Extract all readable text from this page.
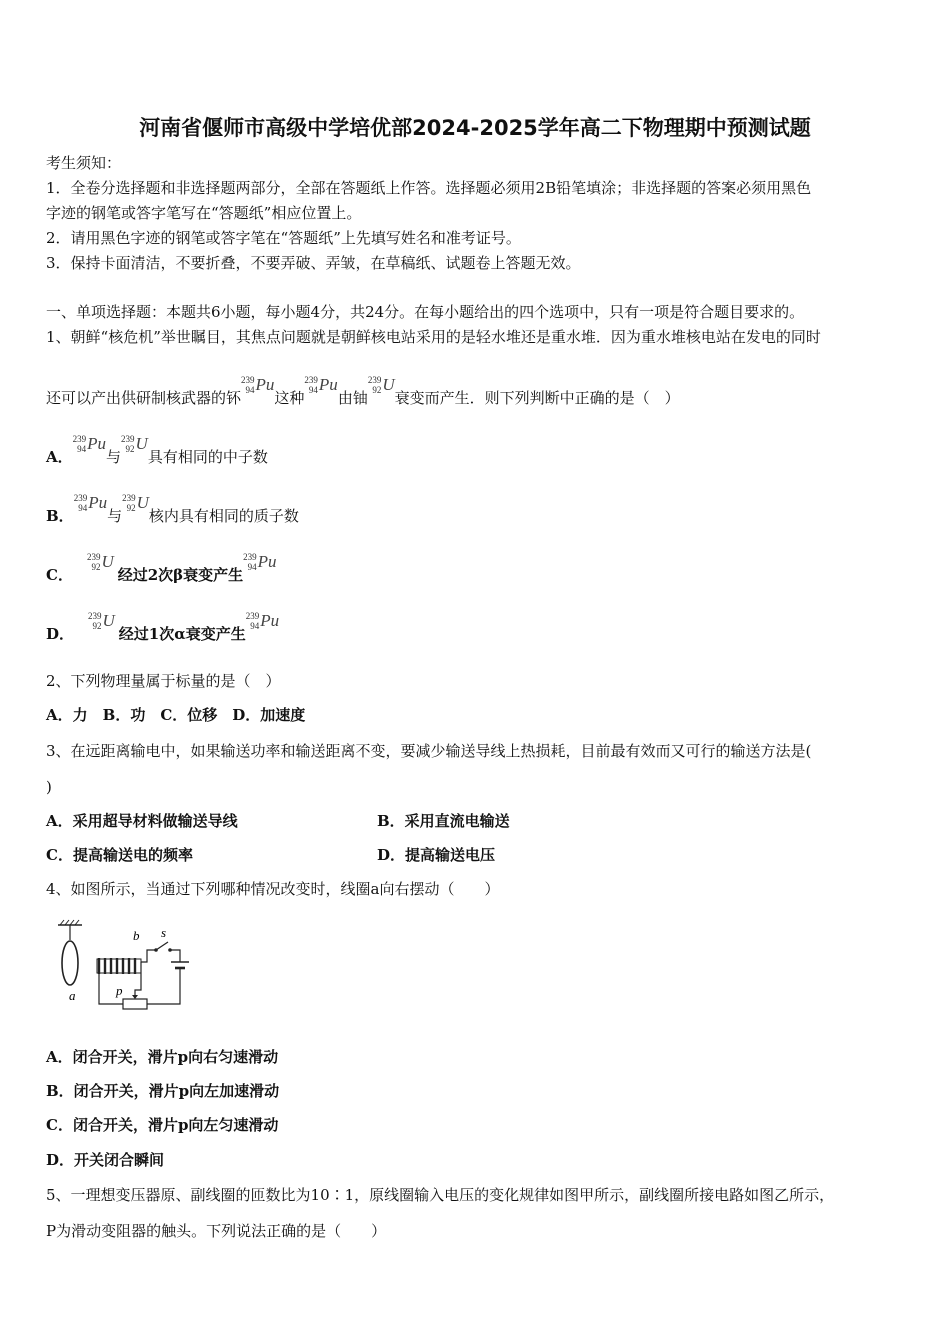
河南省偃师市高级中学培优部2024-2025学年高二下物理期中预测试题
考生须知：
1．全卷分选择题和非选择题两部分，全部在答题纸上作答。选择题必须用2B铅笔填涂；非选择题的答案必须用黑色
字迹的钢笔或答字笔写在“答题纸”相应位置上。
2．请用黑色字迹的钢笔或答字笔在“答题纸”上先填写姓名和准考证号。
3．保持卡面清洁，不要折叠，不要弄破、弄皱，在草稿纸、试题卷上答题无效。
一、单项选择题：本题共6小题，每小题4分，共24分。在每小题给出的四个选项中，只有一项是符合题目要求的。
1、朝鲜“核危机”举世瞩目，其焦点问题就是朝鲜核电站采用的是轻水堆还是重水堆．因为重水堆核电站在发电的同时
还可以产出供研制核武器的钚
239
94 Pu这种
239
94 Pu由铀
239
92 U衰变而产生．则下列判断中正确的是（　）
A．
239
94 Pu与
239
92 U具有相同的中子数
B．
239
94 Pu与
239
92 U核内具有相同的质子数
C．
239
92 U经过2次β衰变产生
239
94 Pu
D．
239
92 U经过1次α衰变产生
239
94 Pu
2、下列物理量属于标量的是（　）
A．力　B．功　C．位移　D．加速度
3、在远距离输电中，如果输送功率和输送距离不变，要减少输送导线上热损耗，目前最有效而又可行的输送方法是(
)
A．采用超导材料做输送导线	B．采用直流电输送
C．提高输送电的频率	D．提高输送电压
4、如图所示，当通过下列哪种情况改变时，线圈a向右摆动（　　）
a
b s
p
A．闭合开关，滑片p向右匀速滑动
B．闭合开关，滑片p向左加速滑动
C．闭合开关，滑片p向左匀速滑动
D．开关闭合瞬间
5、一理想变压器原、副线圈的匝数比为10∶1，原线圈输入电压的变化规律如图甲所示，副线圈所接电路如图乙所示，
P为滑动变阻器的触头。下列说法正确的是（　　）
